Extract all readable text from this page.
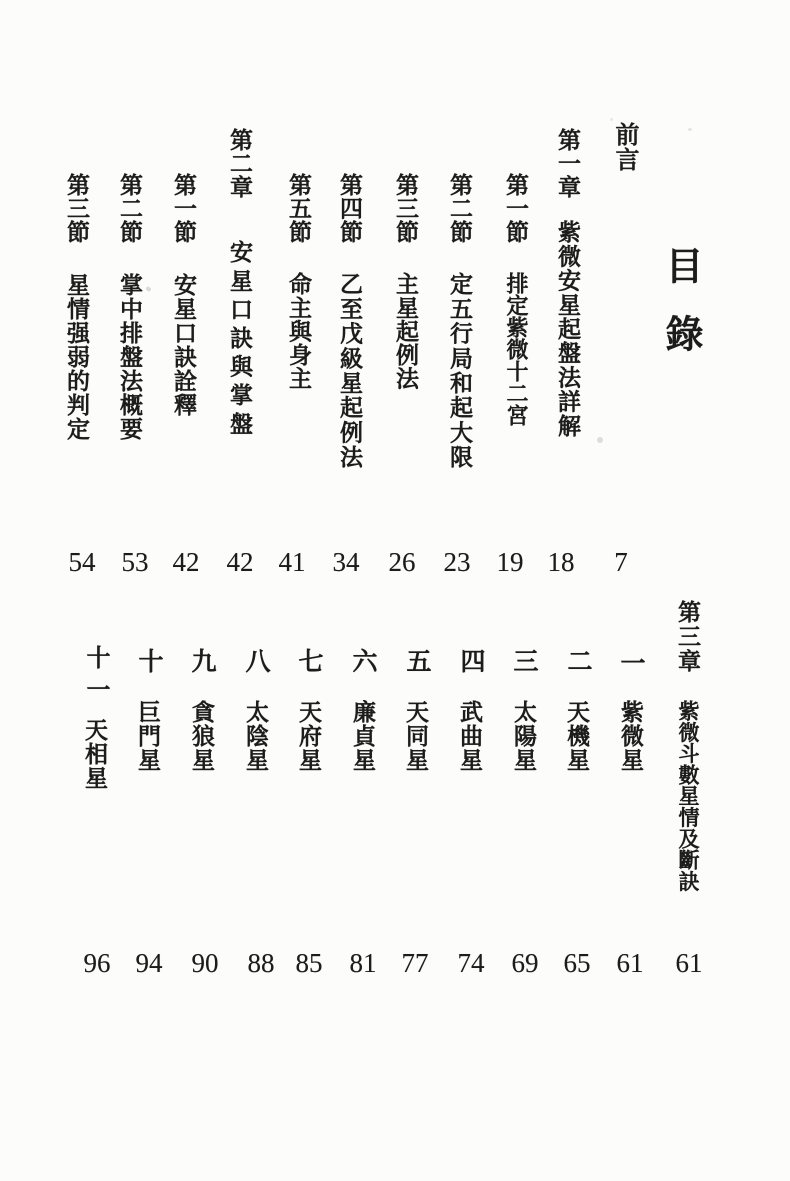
目錄
前言
第一章
紫微安星起盤法詳解
第一節
排定紫微十二宮
第二節
定五行局和起大限
第三節
主星起例法
第四節
乙至戊級星起例法
第五節
命主與身主
第二章
安星口訣與掌盤
第一節
安星口訣詮釋
第二節
掌中排盤法概要
第三節
星情强弱的判定
7
18
19
23
26
34
41
42
42
53
54
第三章
紫微斗數星情及斷訣
一
紫微星
二
天機星
三
太陽星
四
武曲星
五
天同星
六
廉貞星
七
天府星
八
太陰星
九
貪狼星
十
巨門星
十一
天相星
61
61
65
69
74
77
81
85
88
90
94
96
